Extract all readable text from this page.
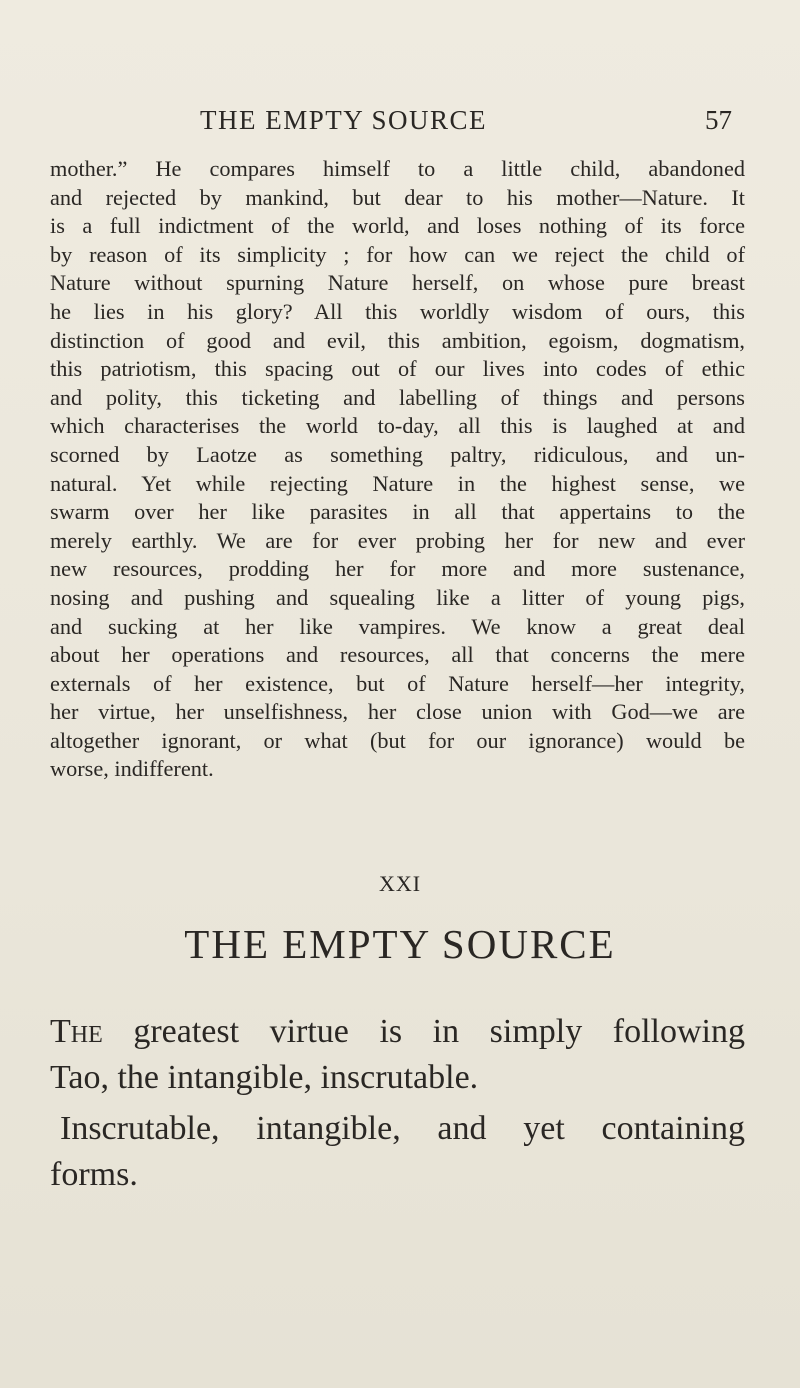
THE EMPTY SOURCE	57
mother.” He compares himself to a little child, abandoned
and rejected by mankind, but dear to his mother—Nature. It
is a full indictment of the world, and loses nothing of its force
by reason of its simplicity ; for how can we reject the child of
Nature without spurning Nature herself, on whose pure breast
he lies in his glory? All this worldly wisdom of ours, this
distinction of good and evil, this ambition, egoism, dogmatism,
this patriotism, this spacing out of our lives into codes of ethic
and polity, this ticketing and labelling of things and persons
which characterises the world to-day, all this is laughed at and
scorned by Laotze as something paltry, ridiculous, and un-
natural. Yet while rejecting Nature in the highest sense, we
swarm over her like parasites in all that appertains to the
merely earthly. We are for ever probing her for new and ever
new resources, prodding her for more and more sustenance,
nosing and pushing and squealing like a litter of young pigs,
and sucking at her like vampires. We know a great deal
about her operations and resources, all that concerns the mere
externals of her existence, but of Nature herself—her integrity,
her virtue, her unselfishness, her close union with God—we are
altogether ignorant, or what (but for our ignorance) would be
worse, indifferent.
XXI
THE EMPTY SOURCE
The greatest virtue is in simply following
Tao, the intangible, inscrutable.
Inscrutable, intangible, and yet containing
forms.
